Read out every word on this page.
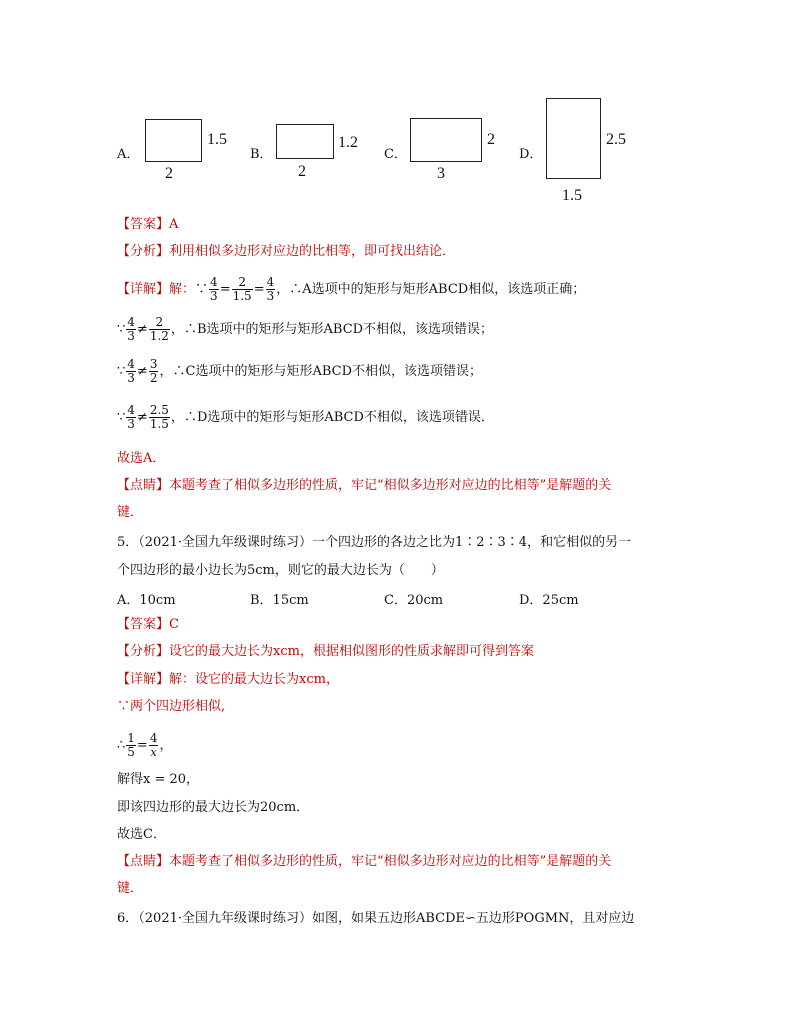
A．
1.5
2
B．
1.2
2
C．
2
3
D．
2.5
1.5
【答案】A
【分析】利用相似多边形对应边的比相等，即可找出结论．
【详解】解：∵ $\frac{4}{3} = \frac{2}{1.5} = \frac{4}{3}$ ，∴A选项中的矩形与矩形ABCD相似，该选项正确；
∵ $\frac{4}{3} \ne \frac{2}{1.2}$ ，∴B选项中的矩形与矩形ABCD不相似，该选项错误；
∵ $\frac{4}{3} \ne \frac{3}{2}$ ，∴C选项中的矩形与矩形ABCD不相似，该选项错误；
∵ $\frac{4}{3} \ne \frac{2.5}{1.5}$ ，∴D选项中的矩形与矩形ABCD不相似，该选项错误．
故选A．
【点睛】本题考查了相似多边形的性质，牢记“相似多边形对应边的比相等”是解题的关
键．
5．（2021·全国九年级课时练习）一个四边形的各边之比为1∶2∶3∶4，和它相似的另一
个四边形的最小边长为5cm，则它的最大边长为（　　）
A．10cm	B．15cm	C．20cm	D．25cm
【答案】C
【分析】设它的最大边长为xcm，根据相似图形的性质求解即可得到答案
【详解】解：设它的最大边长为xcm，
∵两个四边形相似,
∴ $\frac{1}{5} = \frac{4}{x}$ ，
解得x = 20，
即该四边形的最大边长为20cm．
故选C．
【点睛】本题考查了相似多边形的性质，牢记“相似多边形对应边的比相等”是解题的关
键．
6．（2021·全国九年级课时练习）如图，如果五边形ABCDE∽五边形POGMN，且对应边
